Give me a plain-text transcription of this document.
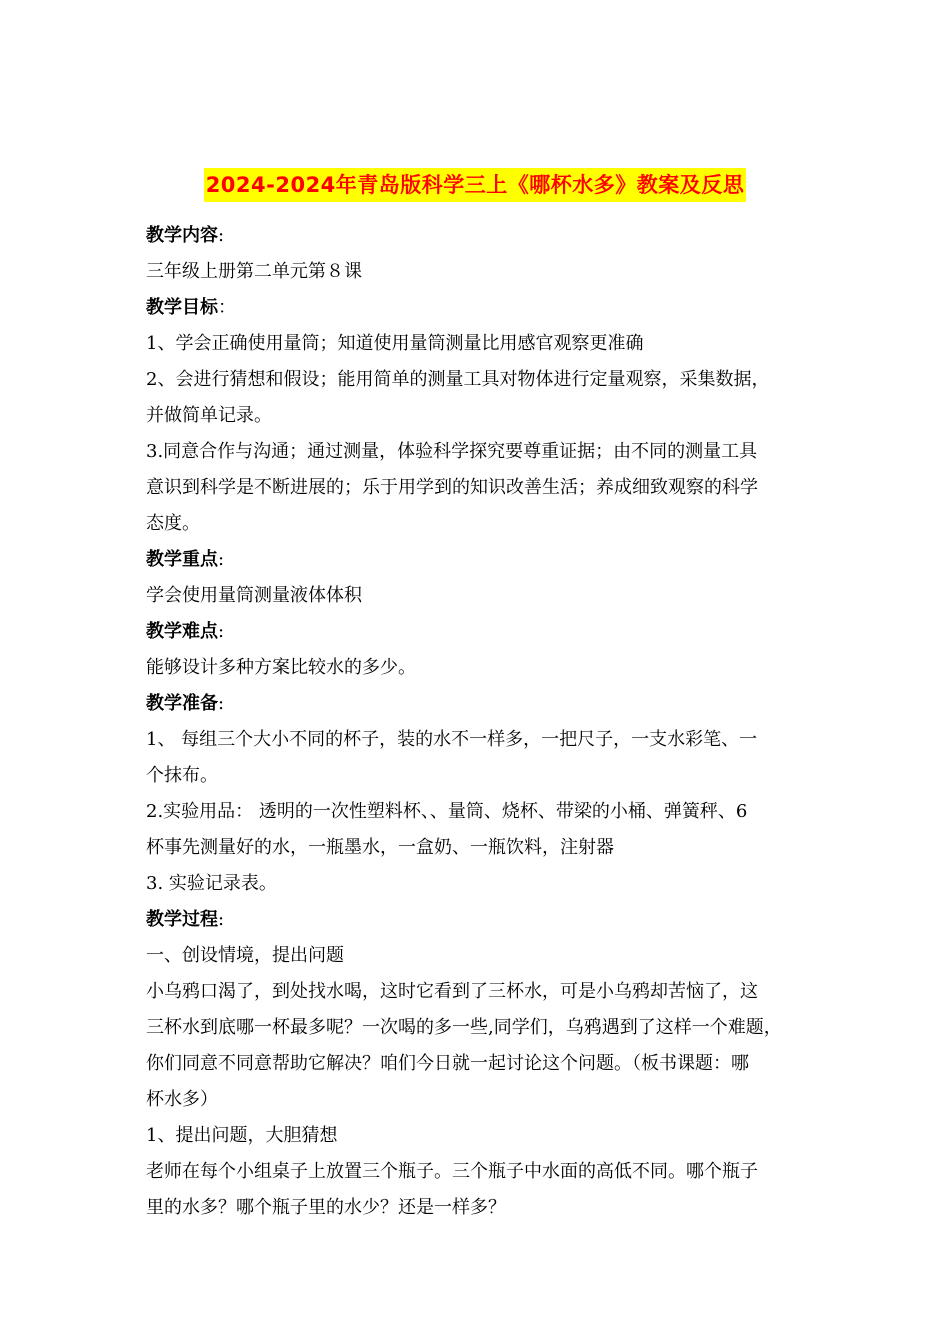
2024-2024年青岛版科学三上《哪杯水多》教案及反思
教学内容:
三年级上册第二单元第８课
教学目标：
1、学会正确使用量筒；知道使用量筒测量比用感官观察更准确
2、会进行猜想和假设；能用简单的测量工具对物体进行定量观察，采集数据，
并做简单记录。
3.同意合作与沟通；通过测量，体验科学探究要尊重证据；由不同的测量工具
意识到科学是不断进展的；乐于用学到的知识改善生活；养成细致观察的科学
态度。
教学重点:
学会使用量筒测量液体体积
教学难点:
能够设计多种方案比较水的多少。
教学准备:
1、 每组三个大小不同的杯子，装的水不一样多，一把尺子，一支水彩笔、一
个抹布。
2.实验用品： 透明的一次性塑料杯、、量筒、烧杯、带梁的小桶、弹簧秤、6
杯事先测量好的水，一瓶墨水，一盒奶、一瓶饮料，注射器
3. 实验记录表。
教学过程:
一、创设情境，提出问题
小乌鸦口渴了，到处找水喝，这时它看到了三杯水，可是小乌鸦却苦恼了，这
三杯水到底哪一杯最多呢？一次喝的多一些,同学们，乌鸦遇到了这样一个难题，
你们同意不同意帮助它解决？咱们今日就一起讨论这个问题。（板书课题：哪
杯水多）
1、提出问题，大胆猜想
老师在每个小组桌子上放置三个瓶子。三个瓶子中水面的高低不同。哪个瓶子
里的水多？哪个瓶子里的水少？还是一样多？
